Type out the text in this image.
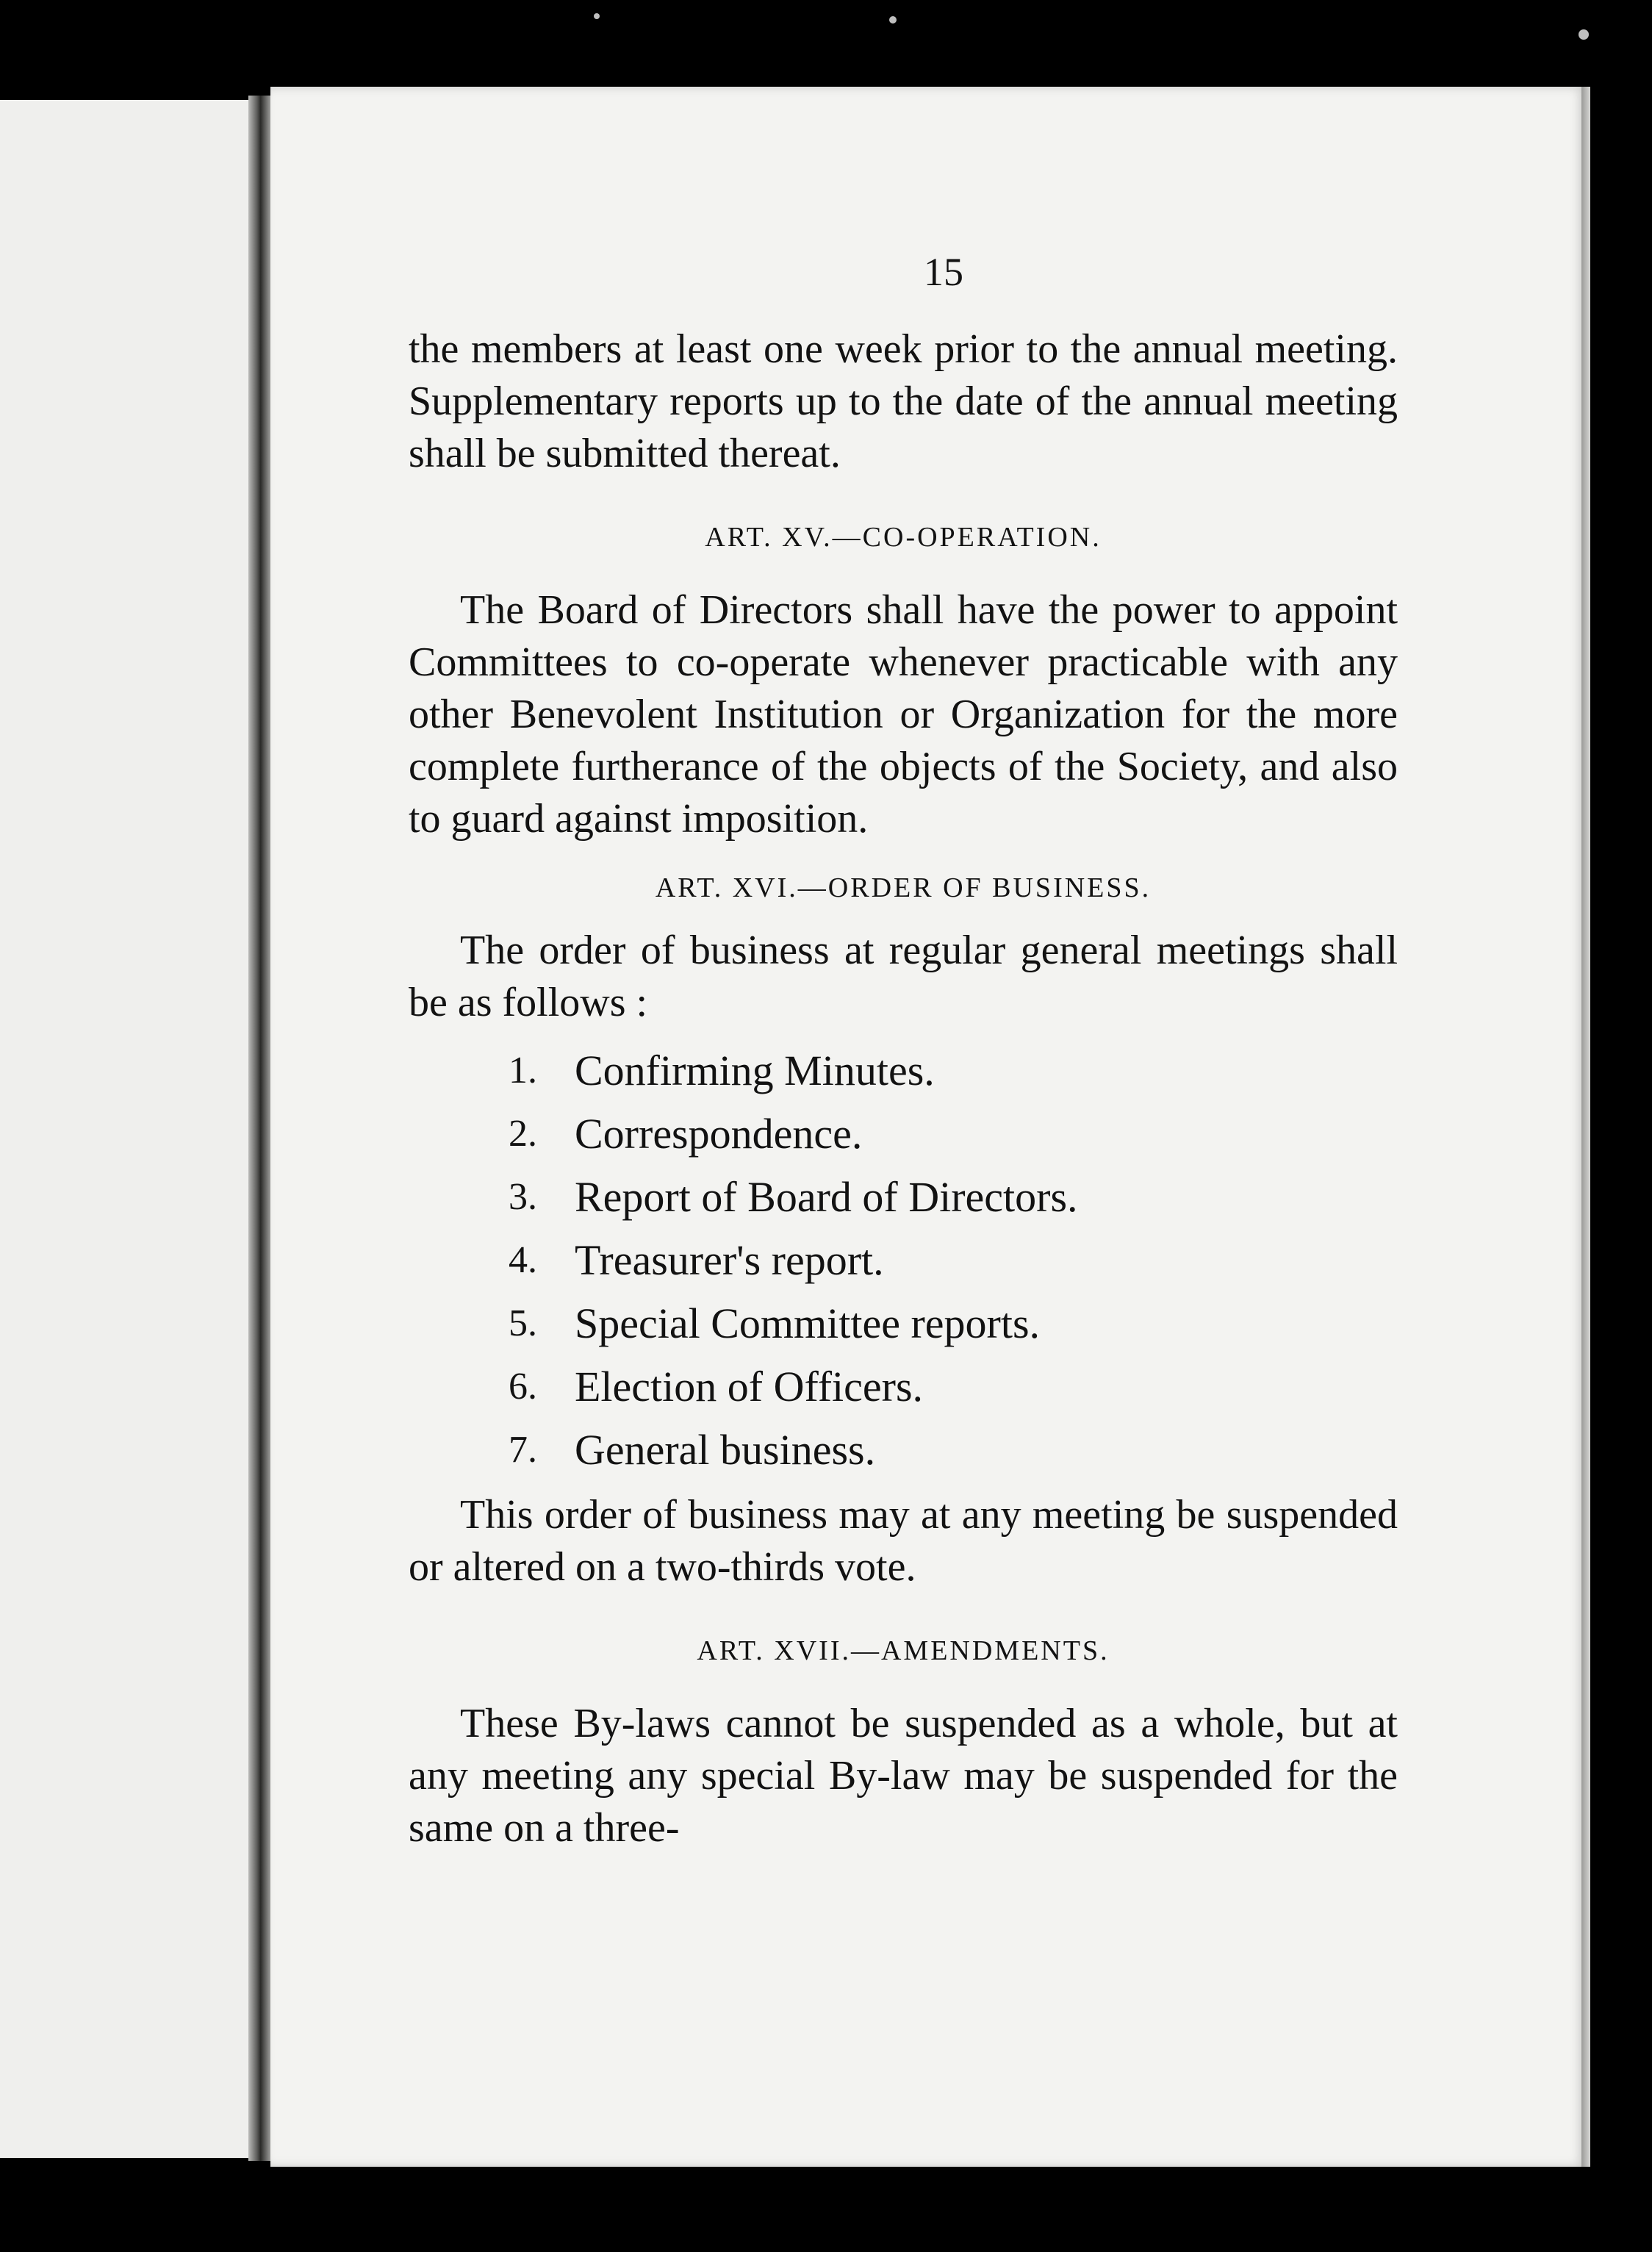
15

the members at least one week prior to the annual meeting. Supplementary reports up to the date of the annual meeting shall be submitted thereat.

ART. XV.—CO-OPERATION.

The Board of Directors shall have the power to appoint Committees to co-operate whenever practicable with any other Benevolent Institution or Organization for the more complete furtherance of the objects of the Society, and also to guard against imposition.

ART. XVI.—ORDER OF BUSINESS.

The order of business at regular general meetings shall be as follows :

1. Confirming Minutes.
2. Correspondence.
3. Report of Board of Directors.
4. Treasurer's report.
5. Special Committee reports.
6. Election of Officers.
7. General business.

This order of business may at any meeting be suspended or altered on a two-thirds vote.

ART. XVII.—AMENDMENTS.

These By-laws cannot be suspended as a whole, but at any meeting any special By-law may be suspended for the same on a three-
